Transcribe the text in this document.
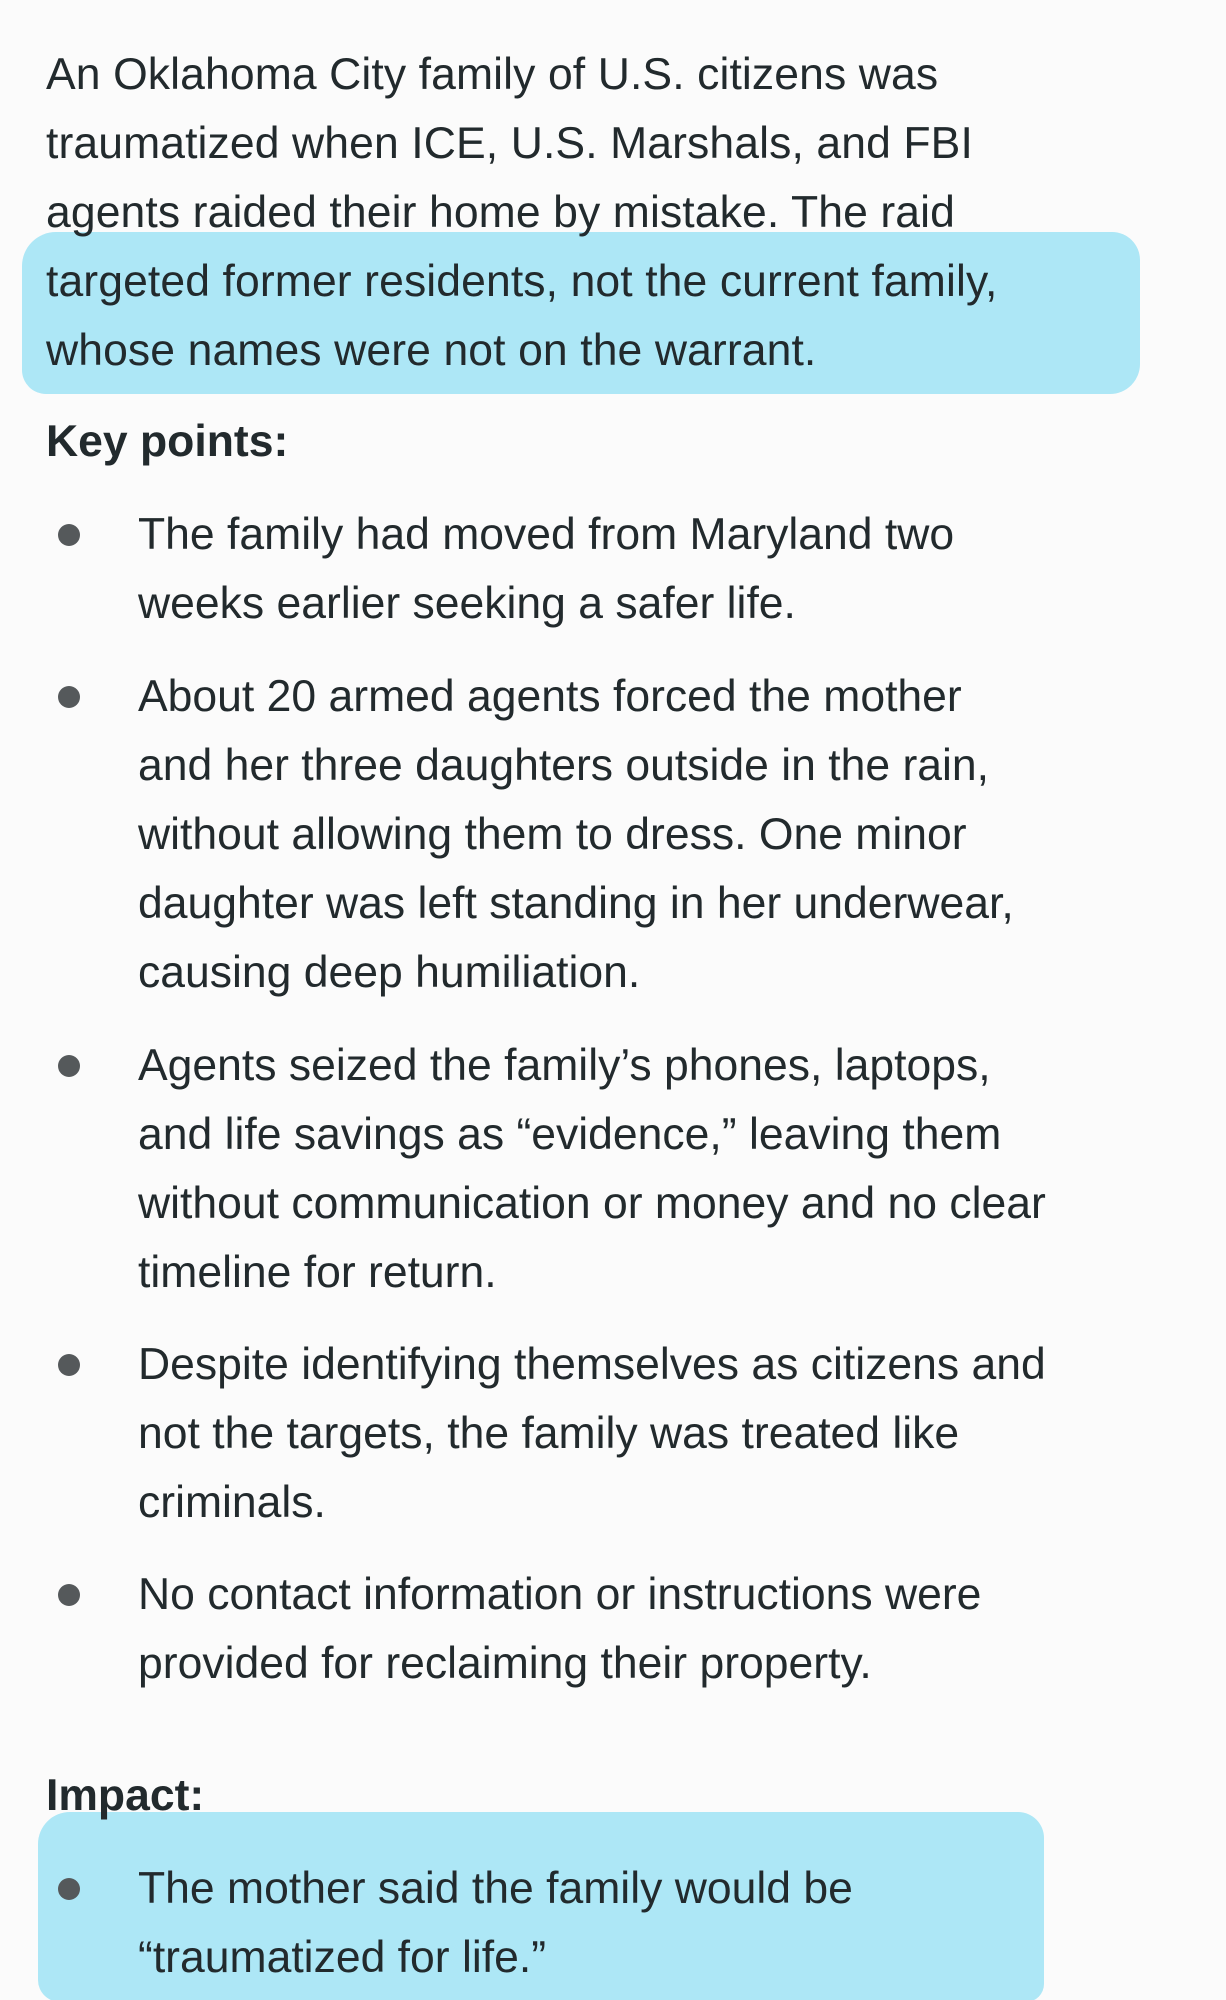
An Oklahoma City family of U.S. citizens was
traumatized when ICE, U.S. Marshals, and FBI
agents raided their home by mistake. The raid
targeted former residents, not the current family,
whose names were not on the warrant.

Key points:
The family had moved from Maryland two
weeks earlier seeking a safer life.
About 20 armed agents forced the mother
and her three daughters outside in the rain,
without allowing them to dress. One minor
daughter was left standing in her underwear,
causing deep humiliation.
Agents seized the family’s phones, laptops,
and life savings as “evidence,” leaving them
without communication or money and no clear
timeline for return.
Despite identifying themselves as citizens and
not the targets, the family was treated like
criminals.
No contact information or instructions were
provided for reclaiming their property.
Impact:
The mother said the family would be
“traumatized for life.”
